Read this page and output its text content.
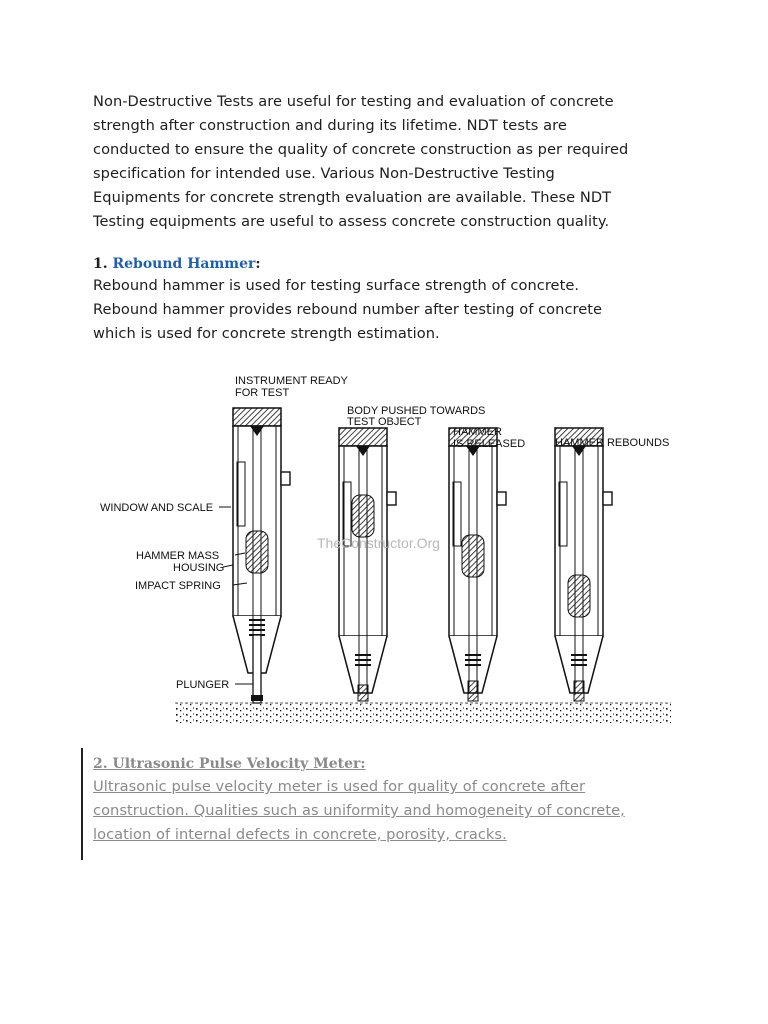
Non-Destructive Tests are useful for testing and evaluation of concrete
strength after construction and during its lifetime. NDT tests are
conducted to ensure the quality of concrete construction as per required
specification for intended use. Various Non-Destructive Testing
Equipments for concrete strength evaluation are available. These NDT
Testing equipments are useful to assess concrete construction quality.
1. Rebound Hammer:
Rebound hammer is used for testing surface strength of concrete.
Rebound hammer provides rebound number after testing of concrete
which is used for concrete strength estimation.
INSTRUMENT READY
FOR TEST
BODY PUSHED TOWARDS
TEST OBJECT
HAMMER
IS RELEASED	HAMMER REBOUNDS
WINDOW AND SCALE
HAMMER MASS
HOUSING
IMPACT SPRING
PLUNGER
TheConstructor.Org
2. Ultrasonic Pulse Velocity Meter:
Ultrasonic pulse velocity meter is used for quality of concrete after
construction. Qualities such as uniformity and homogeneity of concrete,
location of internal defects in concrete, porosity, cracks.
